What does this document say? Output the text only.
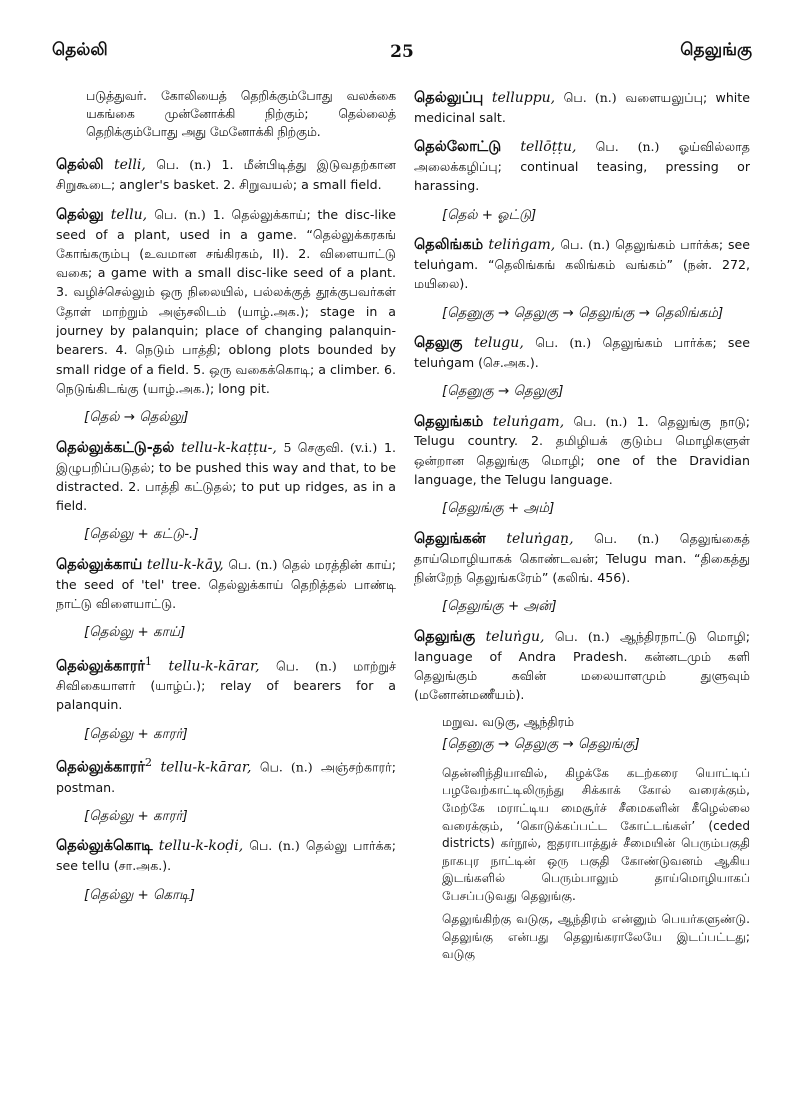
தெல்லி	25	தெலுங்கு

படுத்துவர். கோலியைத் தெறிக்கும்போது வலக்கை யகங்கை முன்னோக்கி நிற்கும்; தெல்லைத் தெறிக்கும்போது அது மேனோக்கி நிற்கும்.

தெல்லி telli, பெ. (n.) 1. மீன்பிடித்து இடுவதற்கான சிறுகூடை; angler's basket. 2. சிறுவயல்; a small field.

தெல்லு tellu, பெ. (n.) 1. தெல்லுக்காய்; the disc-like seed of a plant, used in a game. “தெல்லுக்கரகங் கோங்கரும்பு (உவமான சங்கிரகம், II). 2. விளையாட்டு வகை; a game with a small disc-like seed of a plant. 3. வழிச்செல்லும் ஒரு நிலையில், பல்லக்குத் தூக்குபவர்கள் தோள் மாற்றும் அஞ்சலிடம் (யாழ்.அக.); stage in a journey by palanquin; place of changing palanquin-bearers. 4. நெடும் பாத்தி; oblong plots bounded by small ridge of a field. 5. ஒரு வகைக்கொடி; a climber. 6. நெடுங்கிடங்கு (யாழ்.அக.); long pit.

[தெல் → தெல்லு]

தெல்லுக்கட்டு-தல் tellu-k-kaṭṭu-, 5 செகுவி. (v.i.) 1. இழுபறிப்படுதல்; to be pushed this way and that, to be distracted. 2. பாத்தி கட்டுதல்; to put up ridges, as in a field.

[தெல்லு + கட்டு-.]

தெல்லுக்காய் tellu-k-kāy, பெ. (n.) தெல் மரத்தின் காய்; the seed of 'tel' tree. தெல்லுக்காய் தெறித்தல் பாண்டி நாட்டு விளையாட்டு.

[தெல்லு + காய்]

தெல்லுக்காரர்$^1$ tellu-k-kārar, பெ. (n.) மாற்றுச் சிவிகையாளர் (யாழ்ப்.); relay of bearers for a palanquin.

[தெல்லு + காரர்]

தெல்லுக்காரர்$^2$ tellu-k-kārar, பெ. (n.) அஞ்சற்காரர்; postman.

[தெல்லு + காரர்]

தெல்லுக்கொடி tellu-k-koḍi, பெ. (n.) தெல்லு பார்க்க; see tellu (சா.அக.).

[தெல்லு + கொடி]

தெல்லுப்பு telluppu, பெ. (n.) வளையலுப்பு; white medicinal salt.

தெல்லோட்டு tellōṭṭu, பெ. (n.) ஓய்வில்லாத அலைக்கழிப்பு; continual teasing, pressing or harassing.

[தெல் + ஓட்டு]

தெலிங்கம் teliṅgam, பெ. (n.) தெலுங்கம் பார்க்க; see teluṅgam. “தெலிங்கங் கலிங்கம் வங்கம்” (நன். 272, மயிலை).

[தெனுகு → தெலுகு → தெலுங்கு → தெலிங்கம்]

தெலுகு telugu, பெ. (n.) தெலுங்கம் பார்க்க; see teluṅgam (செ.அக.).

[தெனுகு → தெலுகு]

தெலுங்கம் teluṅgam, பெ. (n.) 1. தெலுங்கு நாடு; Telugu country. 2. தமிழியக் குடும்ப மொழிகளுள் ஒன்றான தெலுங்கு மொழி; one of the Dravidian language, the Telugu language.

[தெலுங்கு + அம்]

தெலுங்கன் teluṅgaṉ, பெ. (n.) தெலுங்கைத் தாய்மொழியாகக் கொண்டவன்; Telugu man. “திகைத்து நின்றேந் தெலுங்கரேம்” (கலிங். 456).

[தெலுங்கு + அன்]

தெலுங்கு teluṅgu, பெ. (n.) ஆந்திரநாட்டு மொழி; language of Andra Pradesh. கன்னடமும் களி தெலுங்கும் கவின் மலையாளமும் துளுவும் (மனோன்மணீயம்).

மறுவ. வடுகு, ஆந்திரம்

[தெனுகு → தெலுகு → தெலுங்கு]

தென்னிந்தியாவில், கிழக்கே கடற்கரை யொட்டிப் பழவேற்காட்டிலிருந்து சிக்காக் கோல் வரைக்கும், மேற்கே மராட்டிய மைசூர்ச் சீமைகளின் கீழெல்லை வரைக்கும், ‘கொடுக்கப்பட்ட கோட்டங்கள்’ (ceded districts) கர்நூல், ஐதராபாத்துச் சீமையின் பெரும்பகுதி நாகபுர நாட்டின் ஒரு பகுதி கோண்டுவனம் ஆகிய இடங்களில் பெரும்பாலும் தாய்மொழியாகப் பேசப்படுவது தெலுங்கு.

தெலுங்கிற்கு வடுகு, ஆந்திரம் என்னும் பெயர்களுண்டு. தெலுங்கு என்பது தெலுங்கராலேயே இடப்பட்டது; வடுகு
